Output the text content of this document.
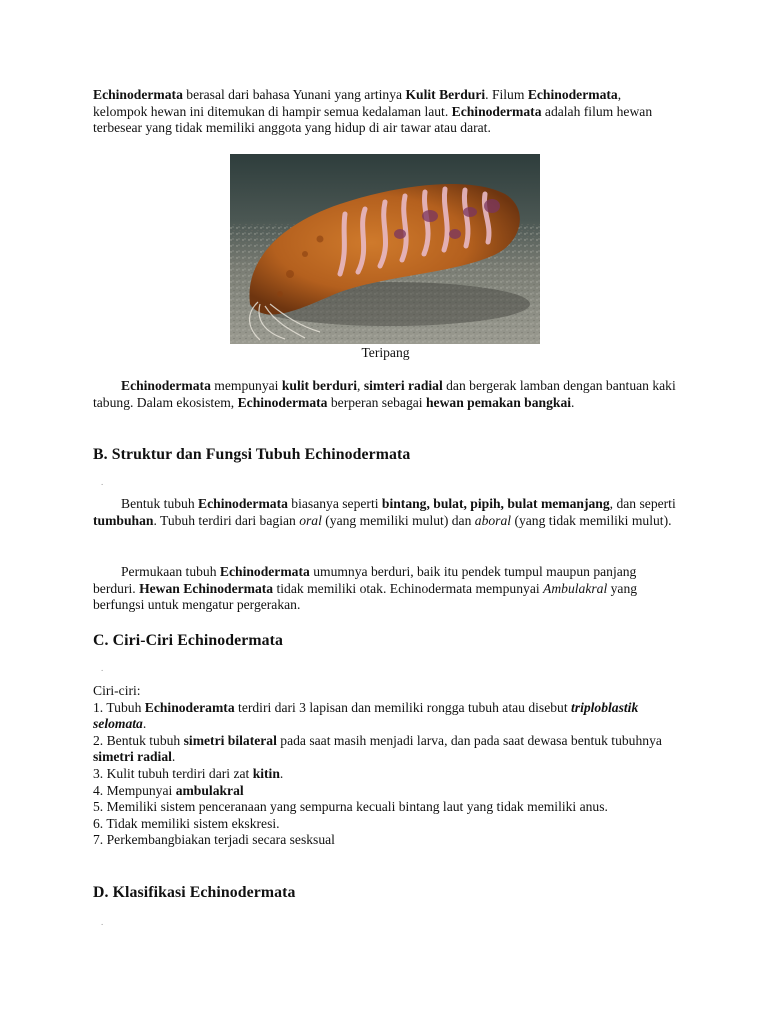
Echinodermata berasal dari bahasa Yunani yang artinya Kulit Berduri. Filum Echinodermata, kelompok hewan ini ditemukan di hampir semua kedalaman laut. Echinodermata adalah filum hewan terbesear yang tidak memiliki anggota yang hidup di air tawar atau darat.

Teripang

Echinodermata mempunyai kulit berduri, simteri radial dan bergerak lamban dengan bantuan kaki tabung. Dalam ekosistem, Echinodermata berperan sebagai hewan pemakan bangkai.

B. Struktur dan Fungsi Tubuh Echinodermata
.

Bentuk tubuh Echinodermata biasanya seperti bintang, bulat, pipih, bulat memanjang, dan seperti tumbuhan. Tubuh terdiri dari bagian oral (yang memiliki mulut) dan aboral (yang tidak memiliki mulut).

Permukaan tubuh Echinodermata umumnya berduri, baik itu pendek tumpul maupun panjang berduri. Hewan Echinodermata tidak memiliki otak. Echinodermata mempunyai Ambulakral yang berfungsi untuk mengatur pergerakan.

C. Ciri-Ciri Echinodermata
.
Ciri-ciri:
1. Tubuh Echinoderamta terdiri dari 3 lapisan dan memiliki rongga tubuh atau disebut triploblastik selomata.
2. Bentuk tubuh simetri bilateral pada saat masih menjadi larva, dan pada saat dewasa bentuk tubuhnya simetri radial.
3. Kulit tubuh terdiri dari zat kitin.
4. Mempunyai ambulakral
5. Memiliki sistem penceranaan yang sempurna kecuali bintang laut yang tidak memiliki anus.
6. Tidak memiliki sistem ekskresi.
7. Perkembangbiakan terjadi secara sesksual
D. Klasifikasi Echinodermata
.
